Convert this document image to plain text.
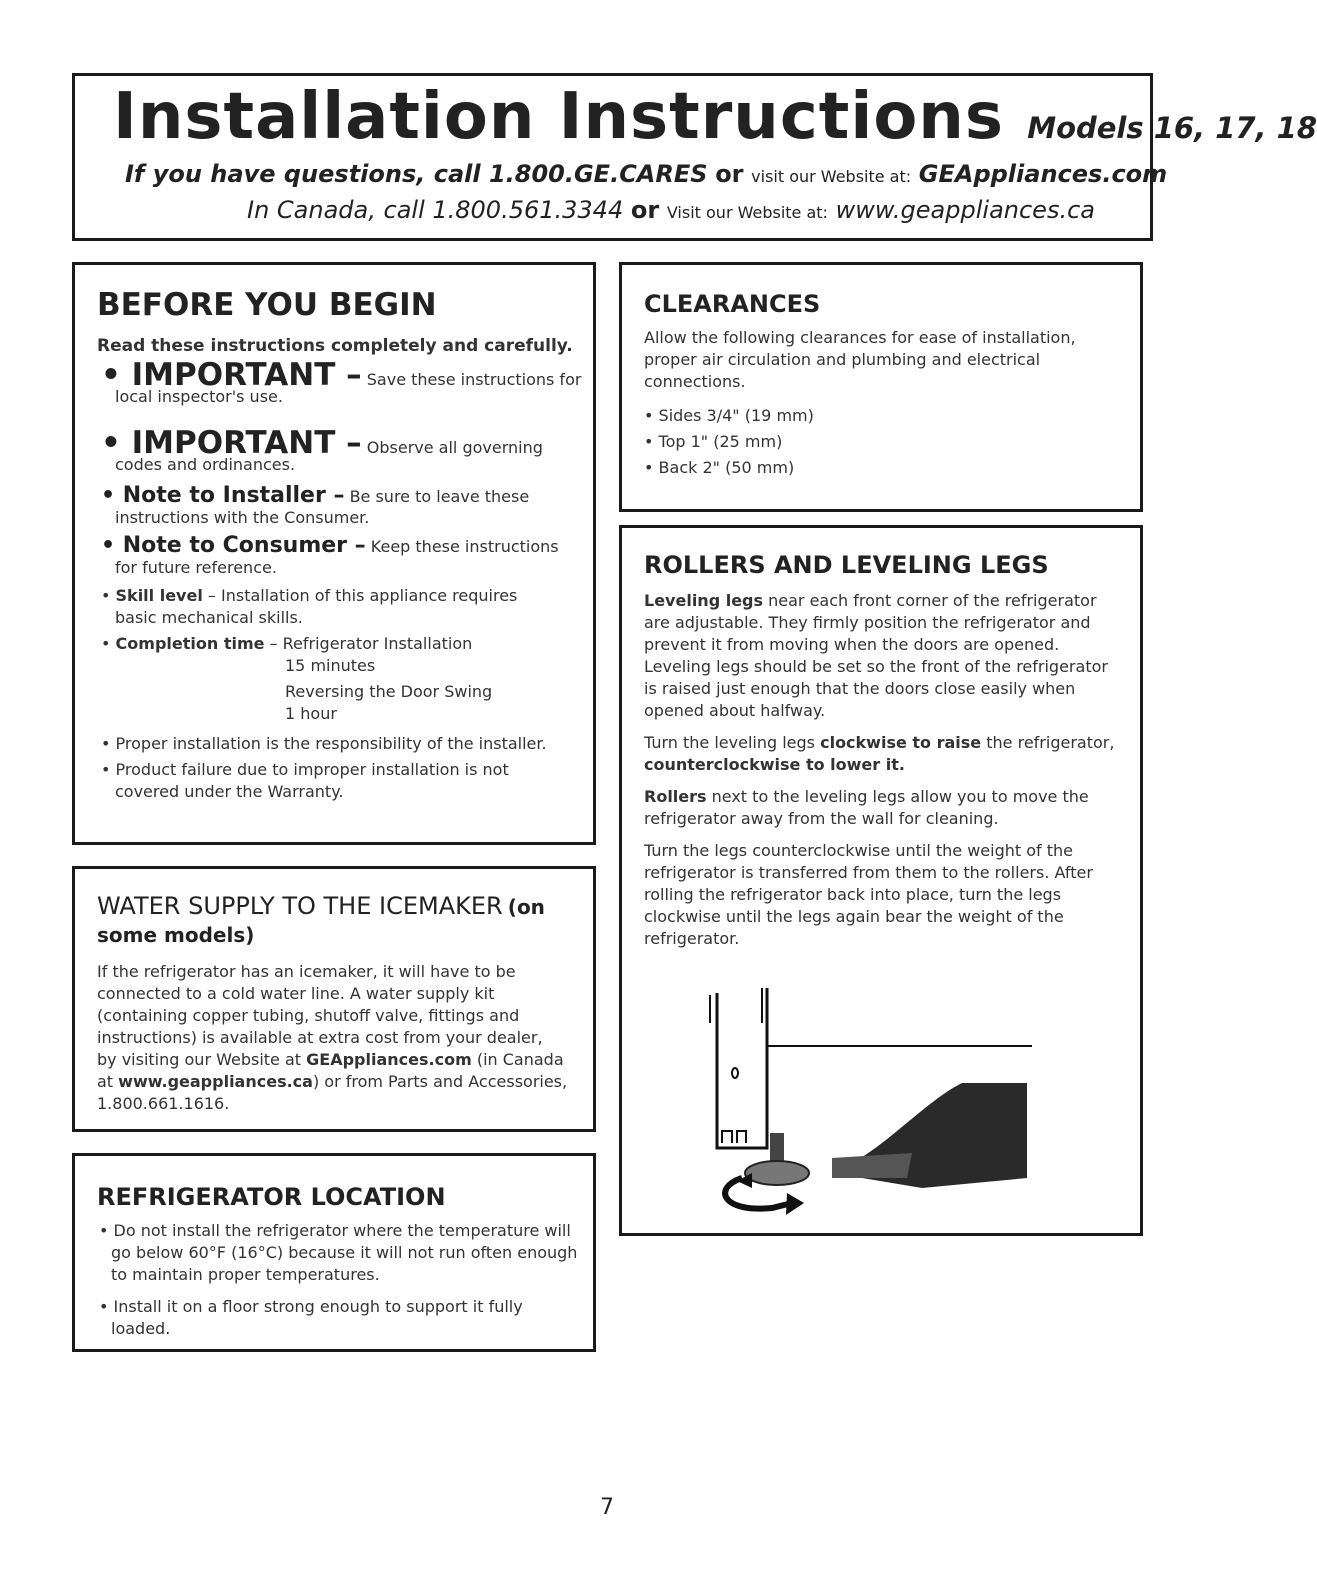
Installation Instructions Models 16, 17, 18
If you have questions, call 1.800.GE.CARES or visit our Website at: GEAppliances.com
In Canada, call 1.800.561.3344 or Visit our Website at: www.geappliances.ca
BEFORE YOU BEGIN
Read these instructions completely and carefully.
• IMPORTANT – Save these instructions for
local inspector's use.
• IMPORTANT – Observe all governing
codes and ordinances.
• Note to Installer – Be sure to leave these
instructions with the Consumer.
• Note to Consumer – Keep these instructions
for future reference.
• Skill level – Installation of this appliance requires
basic mechanical skills.
• Completion time – Refrigerator Installation
15 minutes
Reversing the Door Swing
1 hour
• Proper installation is the responsibility of the installer.
• Product failure due to improper installation is not
covered under the Warranty.
WATER SUPPLY TO THE ICEMAKER (on
some models)
If the refrigerator has an icemaker, it will have to be
connected to a cold water line. A water supply kit
(containing copper tubing, shutoff valve, fittings and
instructions) is available at extra cost from your dealer,
by visiting our Website at GEAppliances.com (in Canada
at www.geappliances.ca) or from Parts and Accessories,
1.800.661.1616.
REFRIGERATOR LOCATION
• Do not install the refrigerator where the temperature will
go below 60°F (16°C) because it will not run often enough
to maintain proper temperatures.
• Install it on a floor strong enough to support it fully
loaded.
CLEARANCES
Allow the following clearances for ease of installation,
proper air circulation and plumbing and electrical
connections.
• Sides 3/4" (19 mm)
• Top 1" (25 mm)
• Back 2" (50 mm)
ROLLERS AND LEVELING LEGS
Leveling legs near each front corner of the refrigerator
are adjustable. They firmly position the refrigerator and
prevent it from moving when the doors are opened.
Leveling legs should be set so the front of the refrigerator
is raised just enough that the doors close easily when
opened about halfway.
Turn the leveling legs clockwise to raise the refrigerator,
counterclockwise to lower it.
Rollers next to the leveling legs allow you to move the
refrigerator away from the wall for cleaning.
Turn the legs counterclockwise until the weight of the
refrigerator is transferred from them to the rollers. After
rolling the refrigerator back into place, turn the legs
clockwise until the legs again bear the weight of the
refrigerator.
7
